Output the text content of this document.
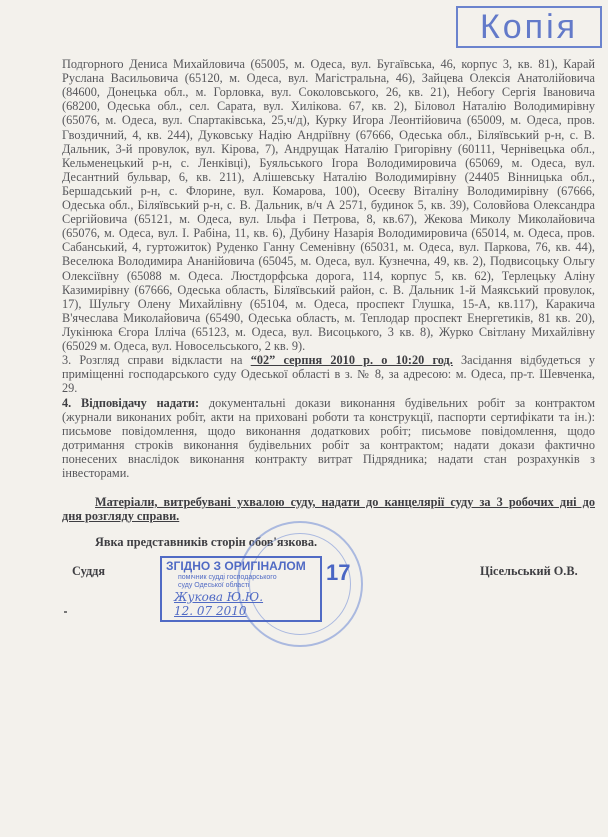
Подгорного Дениса Михайловича (65005, м. Одеса, вул. Бугаївська, 46, корпус 3, кв. 81), Карай
Руслана Васильовича (65120, м. Одеса, вул. Магістральна, 46), Зайцева Олексія Анатолійовича
(84600, Донецька обл., м. Горловка, вул. Соколовського, 26, кв. 21), Небогу Сергія Івановича
(68200, Одеська обл., сел. Сарата, вул. Хилікова. 67, кв. 2), Біловол Наталію Володимирівну
(65076, м. Одеса, вул. Спартаківська, 25,ч/д), Курку Игора Леонтійовича (65009, м. Одеса, пров.
Гвоздичний, 4, кв. 244), Дуковську Надію Андріївну (67666, Одеська обл., Біляївський р-н, с. В.
Дальник, 3-й провулок, вул. Кірова, 7), Андрущак Наталію Григорівну (60111, Чернівецька обл.,
Кельменецький р-н, с. Ленківці), Буяльського Ігора Володимировича (65069, м. Одеса, вул.
Десантний бульвар, 6, кв. 211), Алішевську Наталію Володимирівну (24405 Вінницька обл.,
Бершадський р-н, с. Флорине, вул. Комарова, 100), Осеєву Віталіну Володимирівну (67666,
Одеська обл., Біляївський р-н, с. В. Дальник, в/ч А 2571, будинок 5, кв. 39), Соловйова Олександра
Сергійовича (65121, м. Одеса, вул. Ільфа і Петрова, 8, кв.67), Жекова Миколу Миколайовича
(65076, м. Одеса, вул. І. Рабіна, 11, кв. 6), Дубину Назарія Володимировича (65014, м. Одеса, пров.
Сабанський, 4, гуртожиток) Руденко Ганну Семенівну (65031, м. Одеса, вул. Паркова, 76, кв. 44),
Веселюка Володимира Ананійовича (65045, м. Одеса, вул. Кузнечна, 49, кв. 2), Подвисоцьку Ольгу
Олексіївну (65088 м. Одеса. Люстдорфська дорога, 114, корпус 5, кв. 62), Терлецьку Аліну
Казимирівну (67666, Одеська область, Біляївський район, с. В. Дальник 1-й Маякський провулок,
17), Шульгу Олену Михайлівну (65104, м. Одеса, проспект Глушка, 15-А, кв.117), Каракича
В'ячеслава Миколайовича (65490, Одеська область, м. Теплодар проспект Енергетиків, 81 кв. 20),
Лукінюка Єгора Ілліча (65123, м. Одеса, вул. Висоцького, 3 кв. 8), Журко Світлану Михайлівну
(65029 м. Одеса, вул. Новосельського, 2 кв. 9).
3. Розгляд справи відкласти на “02” серпня 2010 р. о 10:20 год. Засідання відбудеться у
приміщенні господарського суду Одеської області в з. № 8, за адресою: м. Одеса, пр-т. Шевченка,
29.
4. Відповідачу надати: документальні докази виконання будівельних робіт за контрактом
(журнали виконаних робіт, акти на приховані роботи та конструкції, паспорти сертифікати та ін.):
письмове повідомлення, щодо виконання додаткових робіт; письмове повідомлення, щодо
дотримання строків виконання будівельних робіт за контрактом; надати докази фактично
понесених внаслідок виконання контракту витрат Підрядника; надати стан розрахунків з
інвесторами.
Матеріали, витребувані ухвалою суду, надати до канцелярії суду за 3 робочих дні до
дня розгляду справи.
Явка представників сторін обов'язкова.
Суддя	Цісельський О.В.
Копія
ЗГІДНО З ОРИГІНАЛОМ
помічник судді господарського
суду Одеської області
Жукова Ю.Ю.
12. 07 2010
17
